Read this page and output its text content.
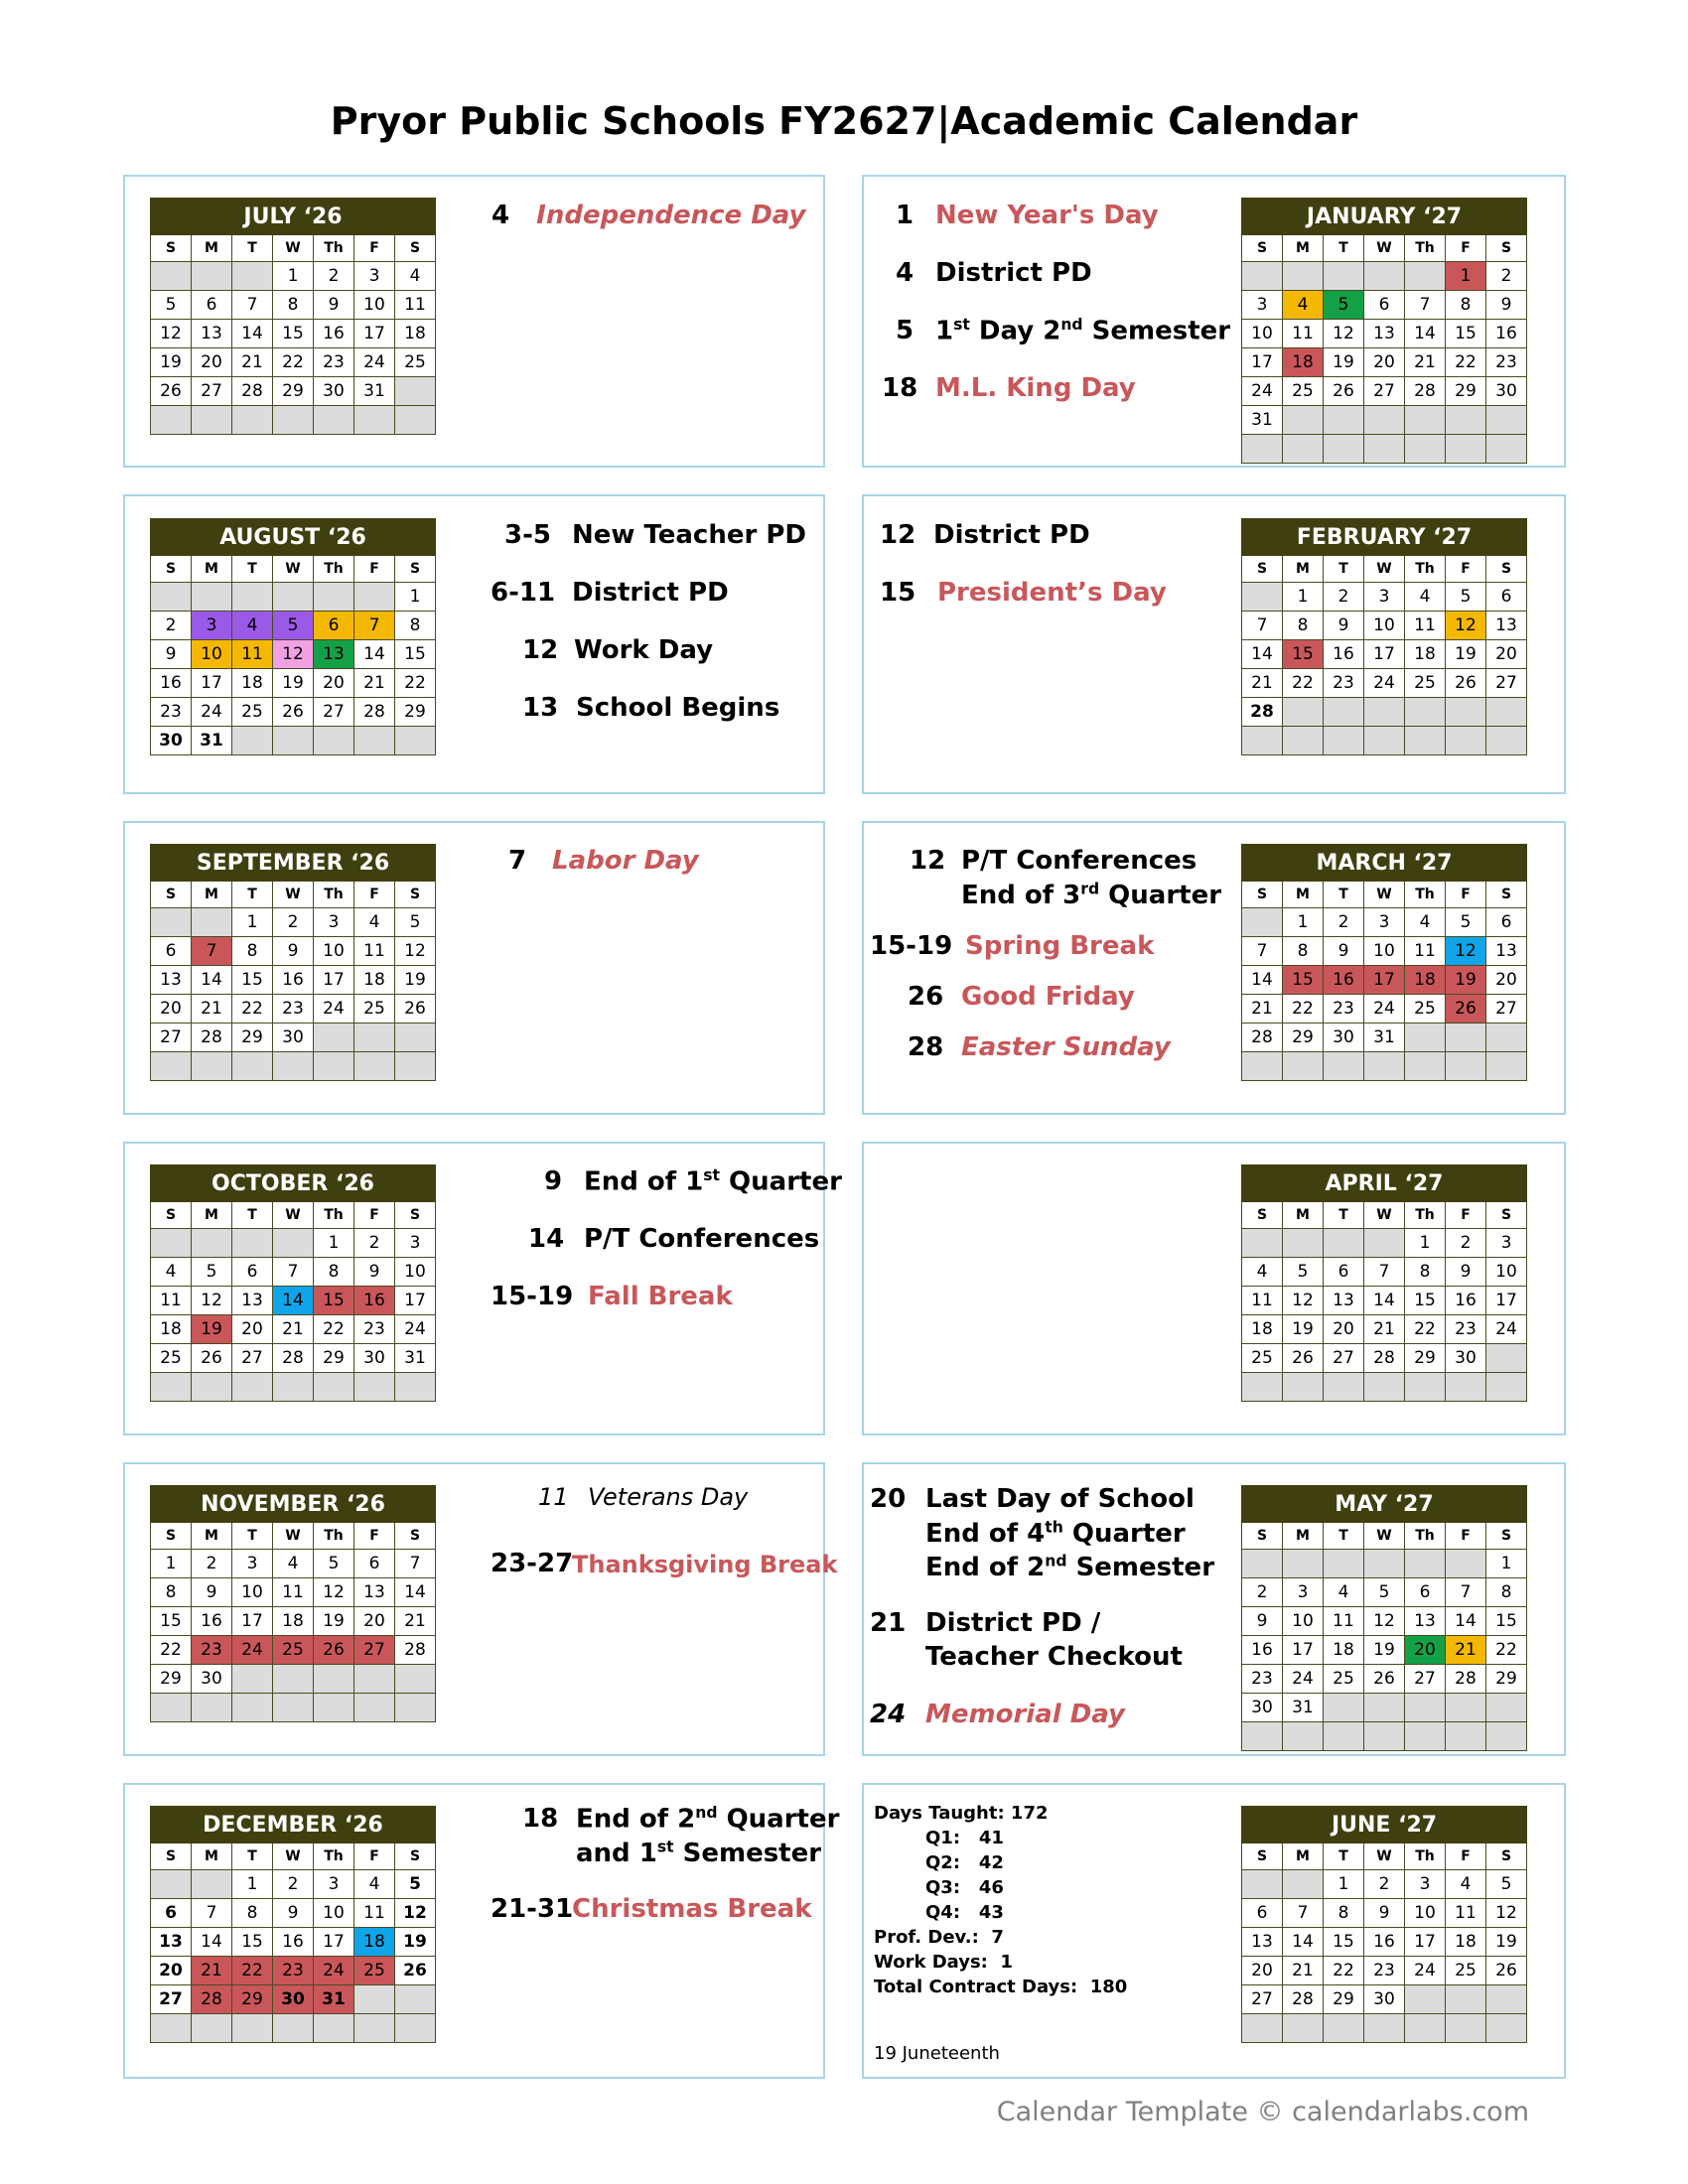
Pryor Public Schools FY2627|Academic Calendar
JULY ‘26						
S	M	T	W	Th	F	S
			1	2	3	4
5	6	7	8	9	10	11
12	13	14	15	16	17	18
19	20	21	22	23	24	25
26	27	28	29	30	31	

JANUARY ‘27						
S	M	T	W	Th	F	S
					1	2
3	4	5	6	7	8	9
10	11	12	13	14	15	16
17	18	19	20	21	22	23
24	25	26	27	28	29	30
31						

AUGUST ‘26						
S	M	T	W	Th	F	S
						1
2	3	4	5	6	7	8
9	10	11	12	13	14	15
16	17	18	19	20	21	22
23	24	25	26	27	28	29
30	31					
FEBRUARY ‘27						
S	M	T	W	Th	F	S
	1	2	3	4	5	6
7	8	9	10	11	12	13
14	15	16	17	18	19	20
21	22	23	24	25	26	27
28						

SEPTEMBER ‘26						
S	M	T	W	Th	F	S
		1	2	3	4	5
6	7	8	9	10	11	12
13	14	15	16	17	18	19
20	21	22	23	24	25	26
27	28	29	30			

MARCH ‘27						
S	M	T	W	Th	F	S
	1	2	3	4	5	6
7	8	9	10	11	12	13
14	15	16	17	18	19	20
21	22	23	24	25	26	27
28	29	30	31			

OCTOBER ‘26						
S	M	T	W	Th	F	S
				1	2	3
4	5	6	7	8	9	10
11	12	13	14	15	16	17
18	19	20	21	22	23	24
25	26	27	28	29	30	31

APRIL ‘27						
S	M	T	W	Th	F	S
				1	2	3
4	5	6	7	8	9	10
11	12	13	14	15	16	17
18	19	20	21	22	23	24
25	26	27	28	29	30	

NOVEMBER ‘26						
S	M	T	W	Th	F	S
1	2	3	4	5	6	7
8	9	10	11	12	13	14
15	16	17	18	19	20	21
22	23	24	25	26	27	28
29	30					

MAY ‘27						
S	M	T	W	Th	F	S
						1
2	3	4	5	6	7	8
9	10	11	12	13	14	15
16	17	18	19	20	21	22
23	24	25	26	27	28	29
30	31					

DECEMBER ‘26						
S	M	T	W	Th	F	S
		1	2	3	4	5
6	7	8	9	10	11	12
13	14	15	16	17	18	19
20	21	22	23	24	25	26
27	28	29	30	31		

JUNE ‘27						
S	M	T	W	Th	F	S
		1	2	3	4	5
6	7	8	9	10	11	12
13	14	15	16	17	18	19
20	21	22	23	24	25	26
27	28	29	30			

4 Independence Day	1 New Year's Day
4 District PD
5 1st Day 2nd Semester
18 M.L. King Day
3-5 New Teacher PD
6-11 District PD
12 Work Day
13 School Begins
12 District PD
15 President’s Day
7 Labor Day	12 P/T Conferences
End of 3rd Quarter
15-19 Spring Break
26 Good Friday
28 Easter Sunday
9 End of 1st Quarter
14 P/T Conferences
15-19 Fall Break
11 Veterans Day
23-27
Thanksgiving Break
20 Last Day of School
End of 4th Quarter
End of 2nd Semester
21 District PD /
Teacher Checkout
24 Memorial Day
18 End of 2nd Quarter
and 1st Semester
21-31
Christmas Break
Days Taught: 172
Q1:   41
Q2:   42
Q3:   46
Q4:   43
Prof. Dev.:  7
Work Days:  1
Total Contract Days:  180
19 Juneteenth
Calendar Template © calendarlabs.com
